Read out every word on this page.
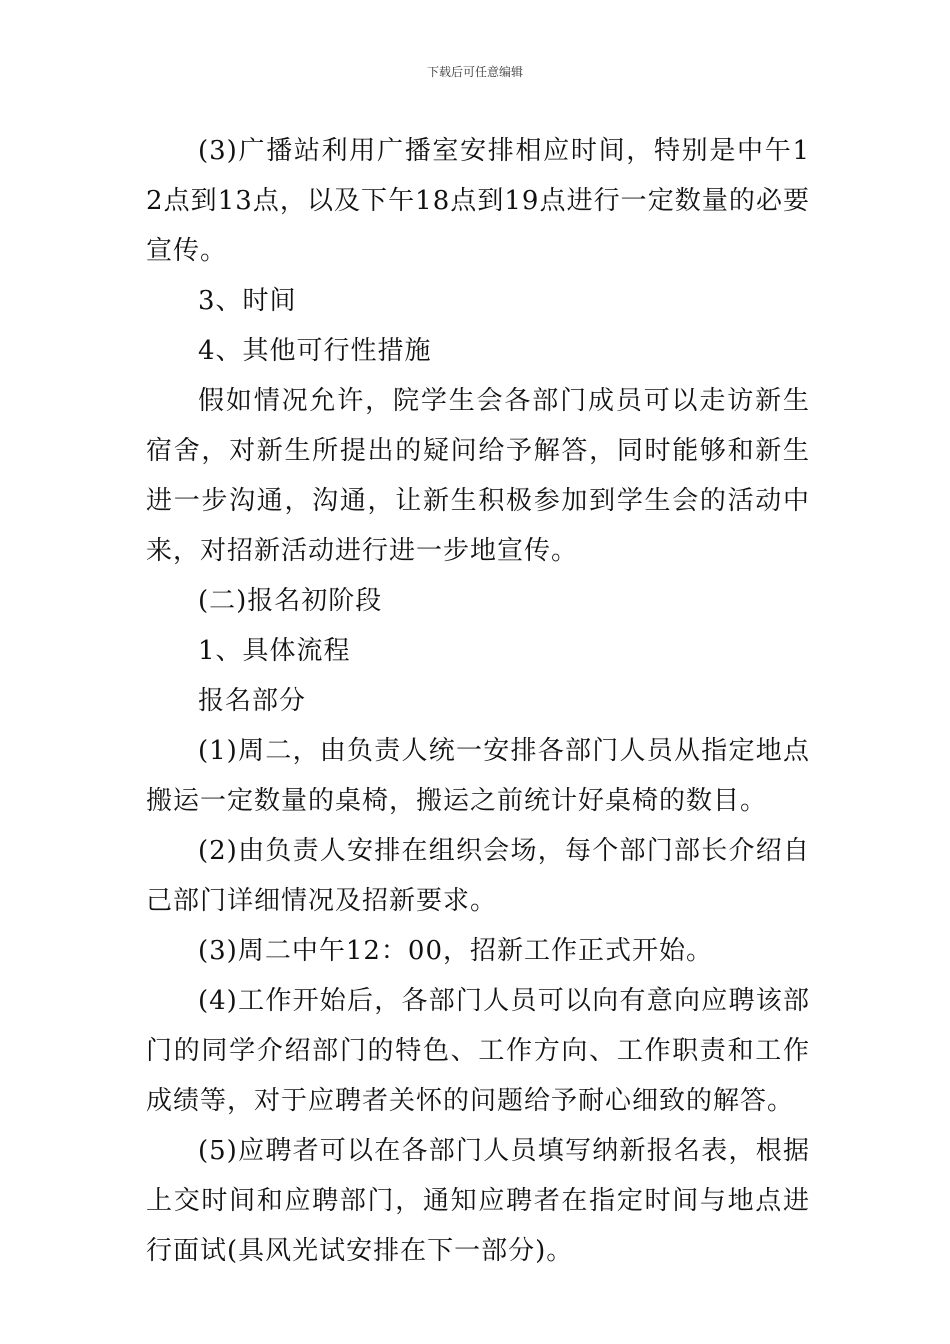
下载后可任意编辑

(3)广播站利用广播室安排相应时间，特别是中午12点到13点，以及下午18点到19点进行一定数量的必要宣传。

3、时间

4、其他可行性措施

假如情况允许，院学生会各部门成员可以走访新生宿舍，对新生所提出的疑问给予解答，同时能够和新生进一步沟通，沟通，让新生积极参加到学生会的活动中来，对招新活动进行进一步地宣传。

(二)报名初阶段

1、具体流程

报名部分

(1)周二，由负责人统一安排各部门人员从指定地点搬运一定数量的桌椅，搬运之前统计好桌椅的数目。

(2)由负责人安排在组织会场，每个部门部长介绍自己部门详细情况及招新要求。

(3)周二中午12：00，招新工作正式开始。

(4)工作开始后，各部门人员可以向有意向应聘该部门的同学介绍部门的特色、工作方向、工作职责和工作成绩等，对于应聘者关怀的问题给予耐心细致的解答。

(5)应聘者可以在各部门人员填写纳新报名表，根据上交时间和应聘部门，通知应聘者在指定时间与地点进行面试(具风光试安排在下一部分)。
